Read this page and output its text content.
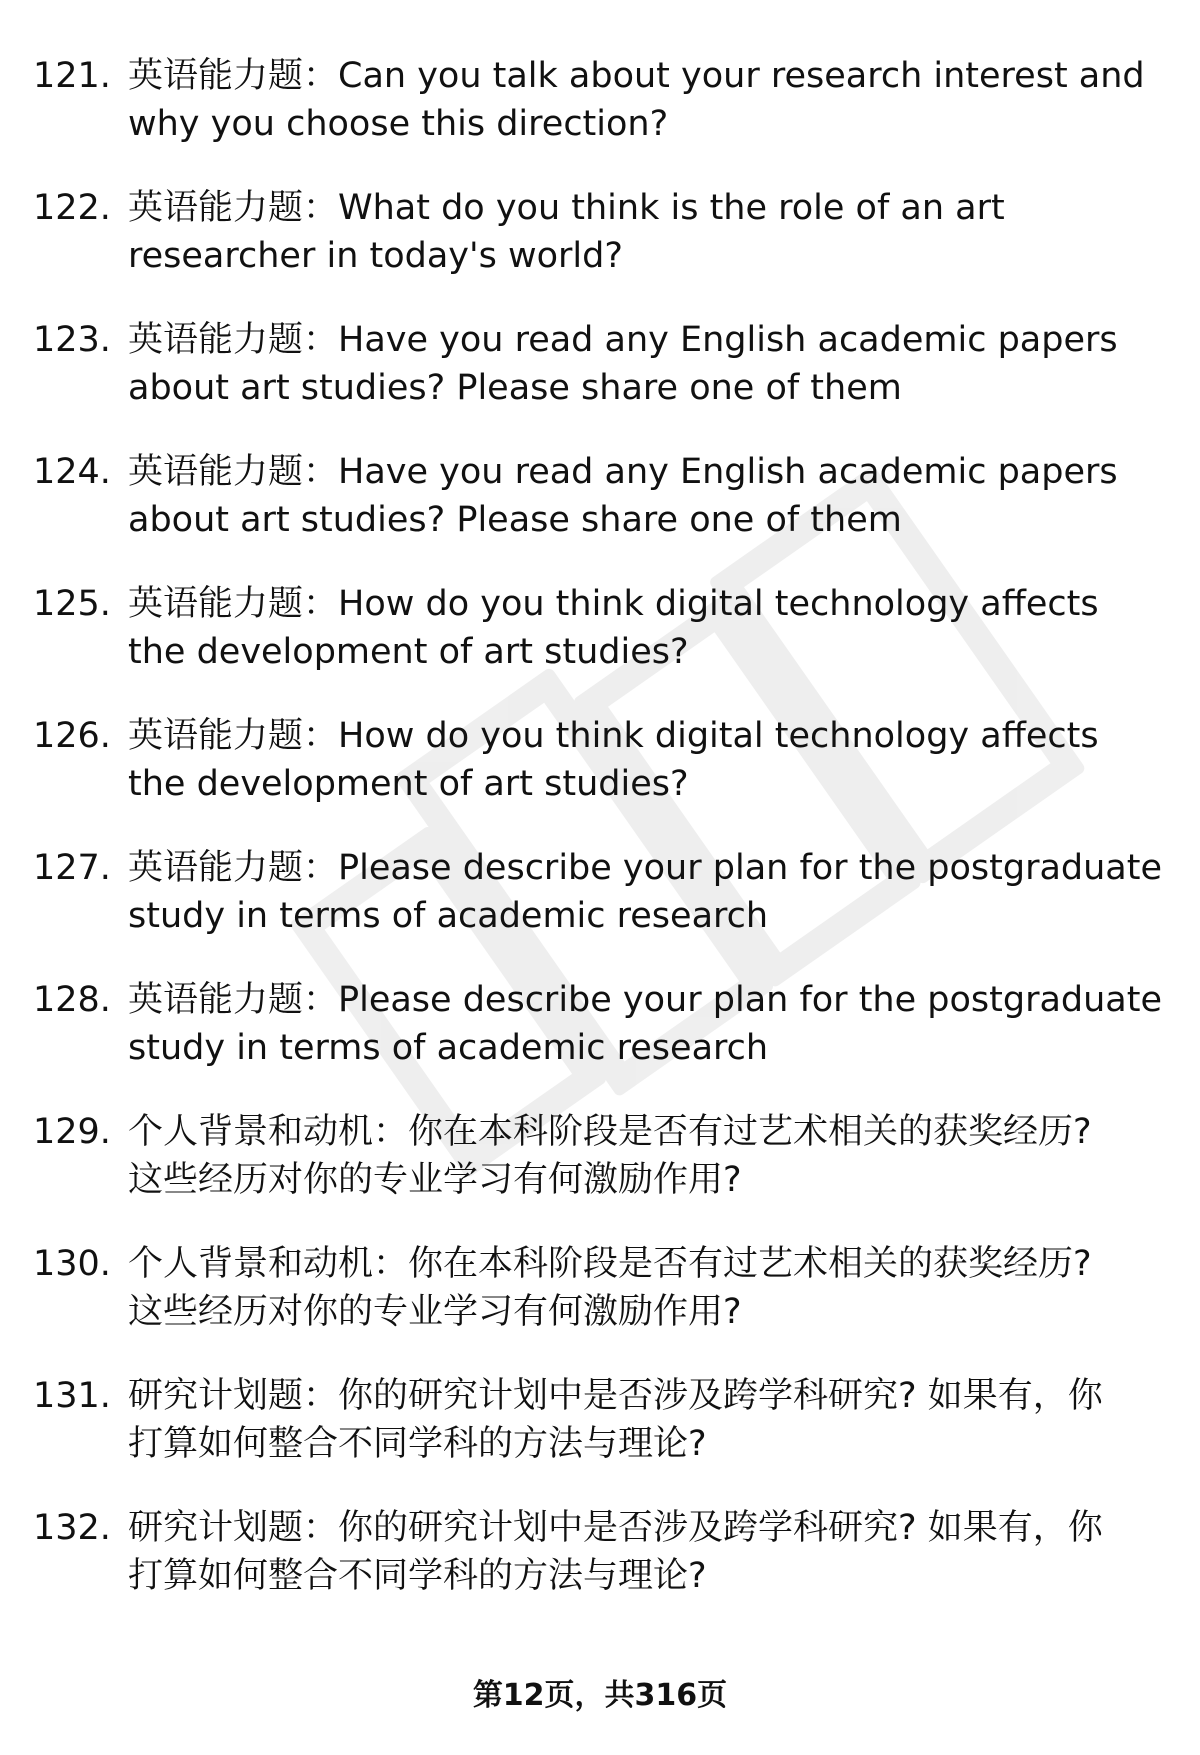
121. 英语能力题：Can you talk about your research interest and
why you choose this direction?
122. 英语能力题：What do you think is the role of an art
researcher in today's world?
123. 英语能力题：Have you read any English academic papers
about art studies? Please share one of them
124. 英语能力题：Have you read any English academic papers
about art studies? Please share one of them
125. 英语能力题：How do you think digital technology affects
the development of art studies?
126. 英语能力题：How do you think digital technology affects
the development of art studies?
127. 英语能力题：Please describe your plan for the postgraduate
study in terms of academic research
128. 英语能力题：Please describe your plan for the postgraduate
study in terms of academic research
129. 个人背景和动机：你在本科阶段是否有过艺术相关的获奖经历?
这些经历对你的专业学习有何激励作用?
130. 个人背景和动机：你在本科阶段是否有过艺术相关的获奖经历?
这些经历对你的专业学习有何激励作用?
131. 研究计划题：你的研究计划中是否涉及跨学科研究? 如果有，你
打算如何整合不同学科的方法与理论?
132. 研究计划题：你的研究计划中是否涉及跨学科研究? 如果有，你
打算如何整合不同学科的方法与理论?
第12页，共316页
